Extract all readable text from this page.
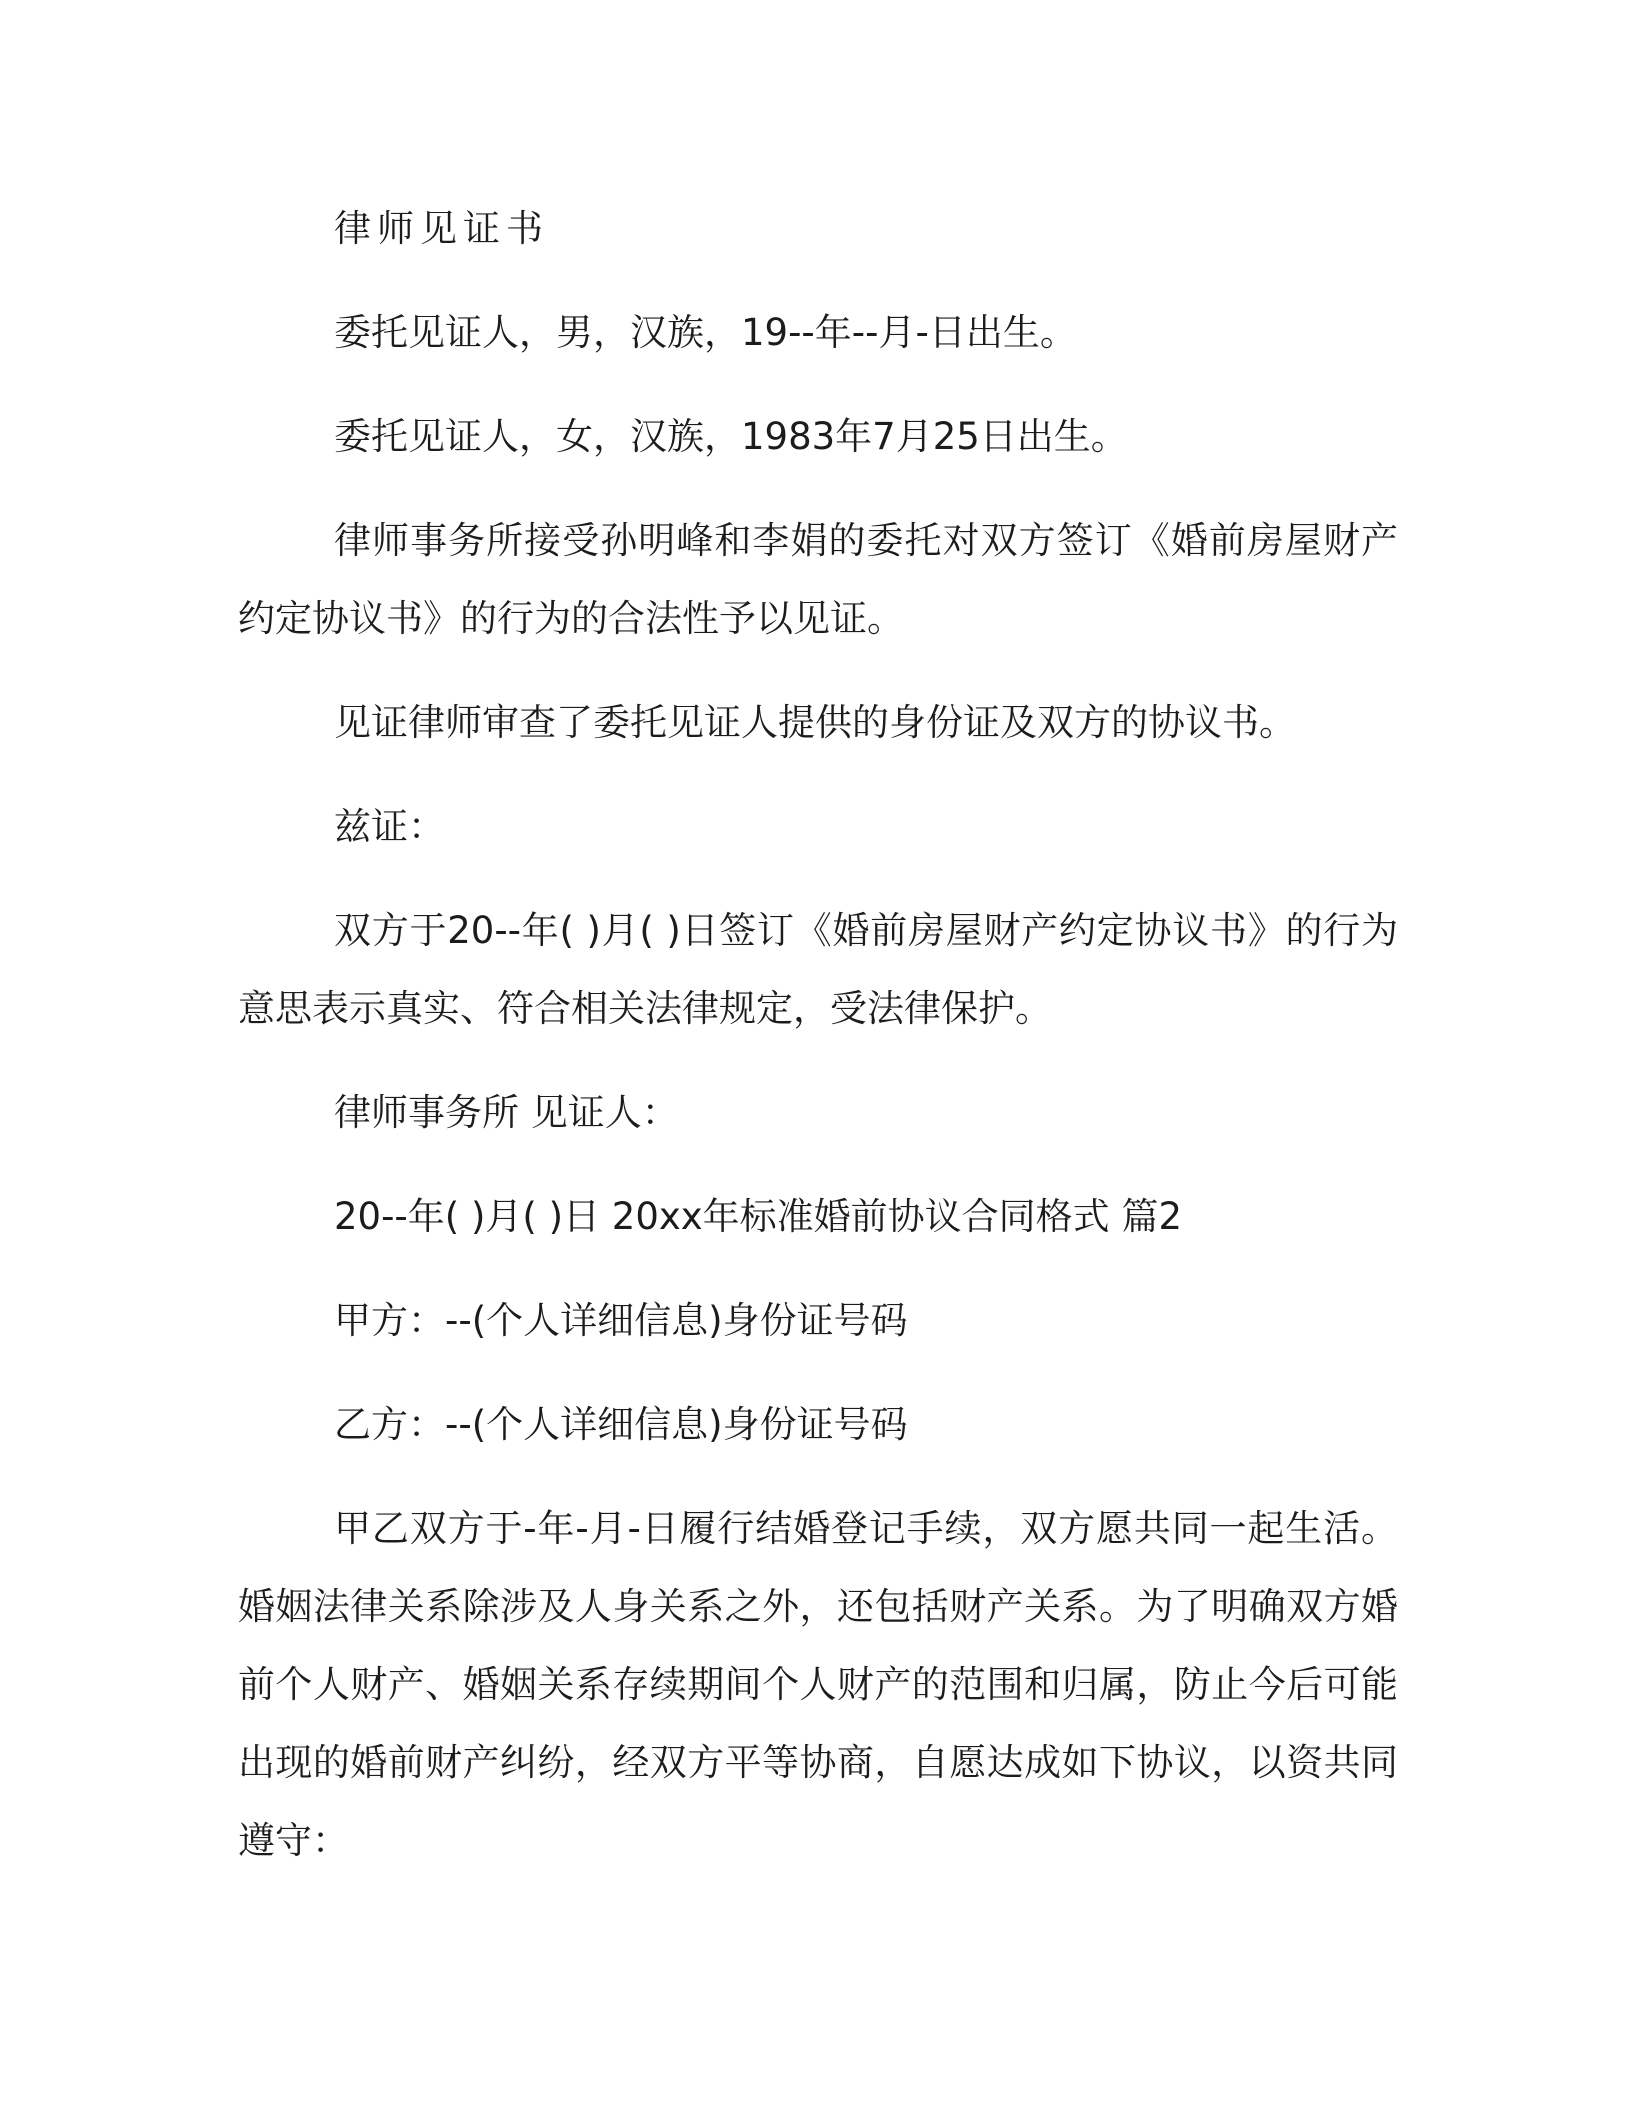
律师见证书

委托见证人，男，汉族，19--年--月-日出生。

委托见证人，女，汉族，1983年7月25日出生。

律师事务所接受孙明峰和李娟的委托对双方签订《婚前房屋财产约定协议书》的行为的合法性予以见证。

见证律师审查了委托见证人提供的身份证及双方的协议书。

兹证：

双方于20--年( )月( )日签订《婚前房屋财产约定协议书》的行为意思表示真实、符合相关法律规定，受法律保护。

律师事务所 见证人：

20--年( )月( )日 20xx年标准婚前协议合同格式 篇2

甲方：--(个人详细信息)身份证号码

乙方：--(个人详细信息)身份证号码

甲乙双方于-年-月-日履行结婚登记手续，双方愿共同一起生活。婚姻法律关系除涉及人身关系之外，还包括财产关系。为了明确双方婚前个人财产、婚姻关系存续期间个人财产的范围和归属，防止今后可能出现的婚前财产纠纷，经双方平等协商，自愿达成如下协议，以资共同遵守：
